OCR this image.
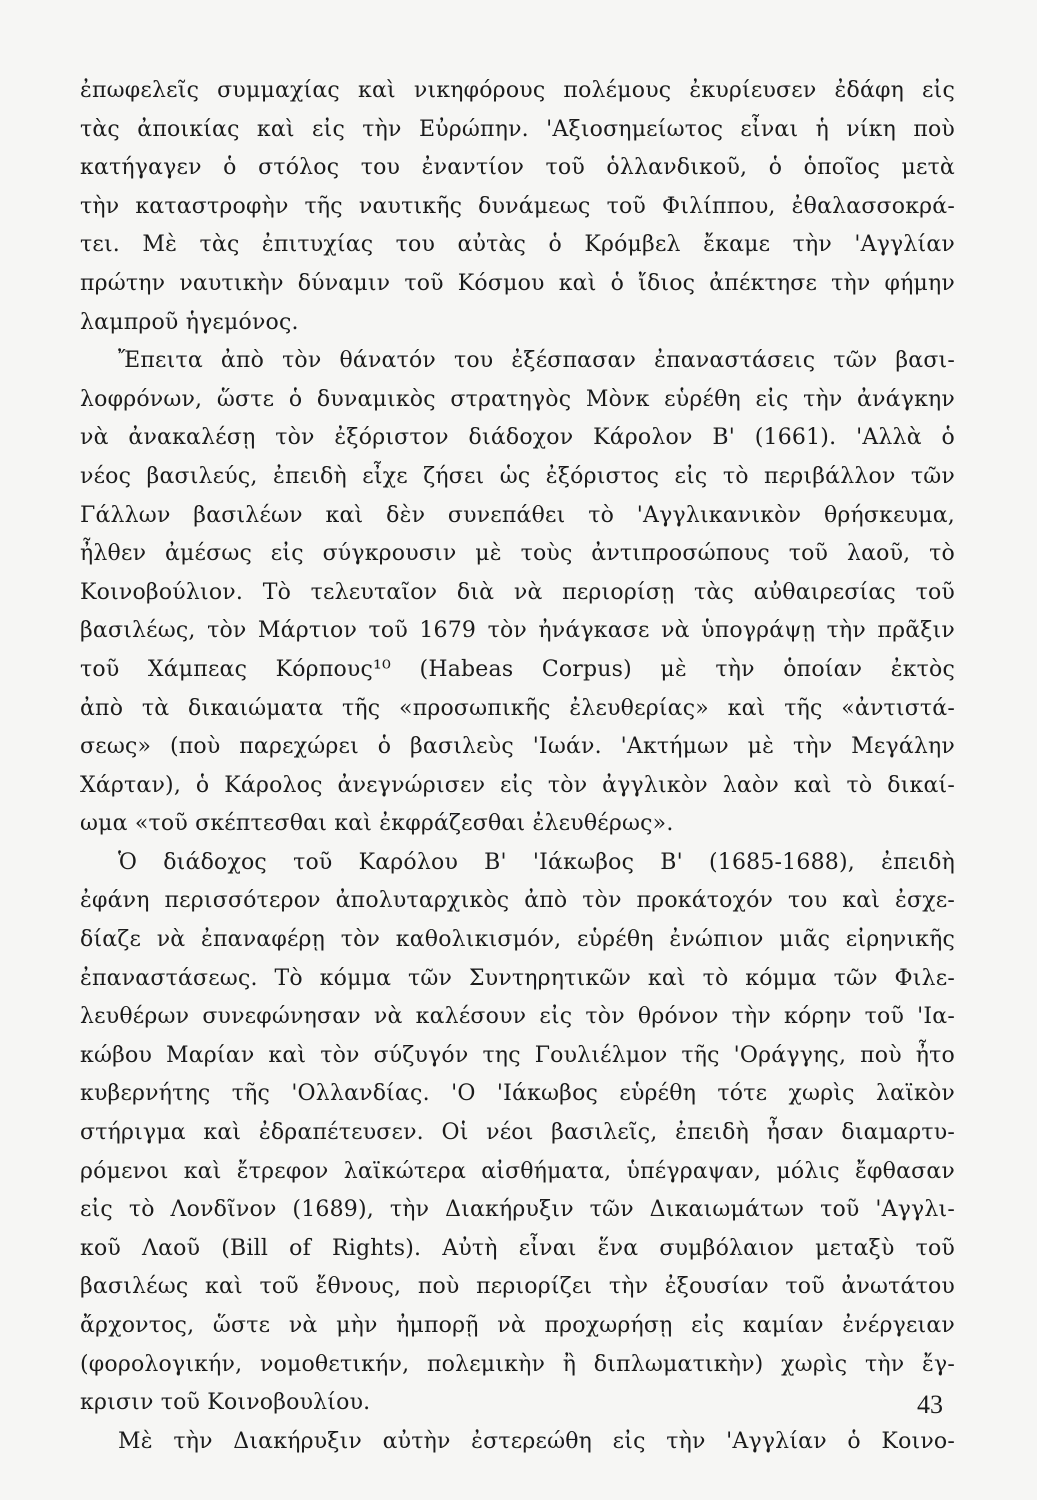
ἐπωφελεῖς συμμαχίας καὶ νικηφόρους πολέμους ἐκυρίευσεν ἐδάφη εἰς
τὰς ἀποικίας καὶ εἰς τὴν Εὐρώπην. 'Αξιοσημείωτος εἶναι ἡ νίκη ποὺ
κατήγαγεν ὁ στόλος του ἐναντίον τοῦ ὁλλανδικοῦ, ὁ ὁποῖος μετὰ
τὴν καταστροφὴν τῆς ναυτικῆς δυνάμεως τοῦ Φιλίππου, ἐθαλασσοκρά-
τει. Μὲ τὰς ἐπιτυχίας του αὐτὰς ὁ Κρόμβελ ἔκαμε τὴν 'Αγγλίαν
πρώτην ναυτικὴν δύναμιν τοῦ Κόσμου καὶ ὁ ἴδιος ἀπέκτησε τὴν φήμην
λαμπροῦ ἡγεμόνος.
Ἔπειτα ἀπὸ τὸν θάνατόν του ἐξέσπασαν ἐπαναστάσεις τῶν βασι-
λοφρόνων, ὥστε ὁ δυναμικὸς στρατηγὸς Μὸνκ εὑρέθη εἰς τὴν ἀνάγκην
νὰ ἀνακαλέσῃ τὸν ἐξόριστον διάδοχον Κάρολον Β' (1661). 'Αλλὰ ὁ
νέος βασιλεύς, ἐπειδὴ εἶχε ζήσει ὡς ἐξόριστος εἰς τὸ περιβάλλον τῶν
Γάλλων βασιλέων καὶ δὲν συνεπάθει τὸ 'Αγγλικανικὸν θρήσκευμα,
ἦλθεν ἀμέσως εἰς σύγκρουσιν μὲ τοὺς ἀντιπροσώπους τοῦ λαοῦ, τὸ
Κοινοβούλιον. Τὸ τελευταῖον διὰ νὰ περιορίσῃ τὰς αὐθαιρεσίας τοῦ
βασιλέως, τὸν Μάρτιον τοῦ 1679 τὸν ἠνάγκασε νὰ ὑπογράψῃ τὴν πρᾶξιν
τοῦ Χάμπεας Κόρπους¹⁰ (Habeas Corpus) μὲ τὴν ὁποίαν ἐκτὸς
ἀπὸ τὰ δικαιώματα τῆς «προσωπικῆς ἐλευθερίας» καὶ τῆς «ἀντιστά-
σεως» (ποὺ παρεχώρει ὁ βασιλεὺς 'Ιωάν. 'Ακτήμων μὲ τὴν Μεγάλην
Χάρταν), ὁ Κάρολος ἀνεγνώρισεν εἰς τὸν ἀγγλικὸν λαὸν καὶ τὸ δικαί-
ωμα «τοῦ σκέπτεσθαι καὶ ἐκφράζεσθαι ἐλευθέρως».
Ὁ διάδοχος τοῦ Καρόλου Β' 'Ιάκωβος Β' (1685-1688), ἐπειδὴ
ἐφάνη περισσότερον ἀπολυταρχικὸς ἀπὸ τὸν προκάτοχόν του καὶ ἐσχε-
δίαζε νὰ ἐπαναφέρῃ τὸν καθολικισμόν, εὑρέθη ἐνώπιον μιᾶς εἰρηνικῆς
ἐπαναστάσεως. Τὸ κόμμα τῶν Συντηρητικῶν καὶ τὸ κόμμα τῶν Φιλε-
λευθέρων συνεφώνησαν νὰ καλέσουν εἰς τὸν θρόνον τὴν κόρην τοῦ 'Ια-
κώβου Μαρίαν καὶ τὸν σύζυγόν της Γουλιέλμον τῆς 'Οράγγης, ποὺ ἦτο
κυβερνήτης τῆς 'Ολλανδίας. 'Ο 'Ιάκωβος εὑρέθη τότε χωρὶς λαϊκὸν
στήριγμα καὶ ἐδραπέτευσεν. Οἱ νέοι βασιλεῖς, ἐπειδὴ ἦσαν διαμαρτυ-
ρόμενοι καὶ ἔτρεφον λαϊκώτερα αἰσθήματα, ὑπέγραψαν, μόλις ἔφθασαν
εἰς τὸ Λονδῖνον (1689), τὴν Διακήρυξιν τῶν Δικαιωμάτων τοῦ 'Αγγλι-
κοῦ Λαοῦ (Bill of Rights). Αὐτὴ εἶναι ἕνα συμβόλαιον μεταξὺ τοῦ
βασιλέως καὶ τοῦ ἔθνους, ποὺ περιορίζει τὴν ἐξουσίαν τοῦ ἀνωτάτου
ἄρχοντος, ὥστε νὰ μὴν ἠμπορῇ νὰ προχωρήσῃ εἰς καμίαν ἐνέργειαν
(φορολογικήν, νομοθετικήν, πολεμικὴν ἢ διπλωματικὴν) χωρὶς τὴν ἔγ-
κρισιν τοῦ Κοινοβουλίου.
Μὲ τὴν Διακήρυξιν αὐτὴν ἐστερεώθη εἰς τὴν 'Αγγλίαν ὁ Κοινο-
43
